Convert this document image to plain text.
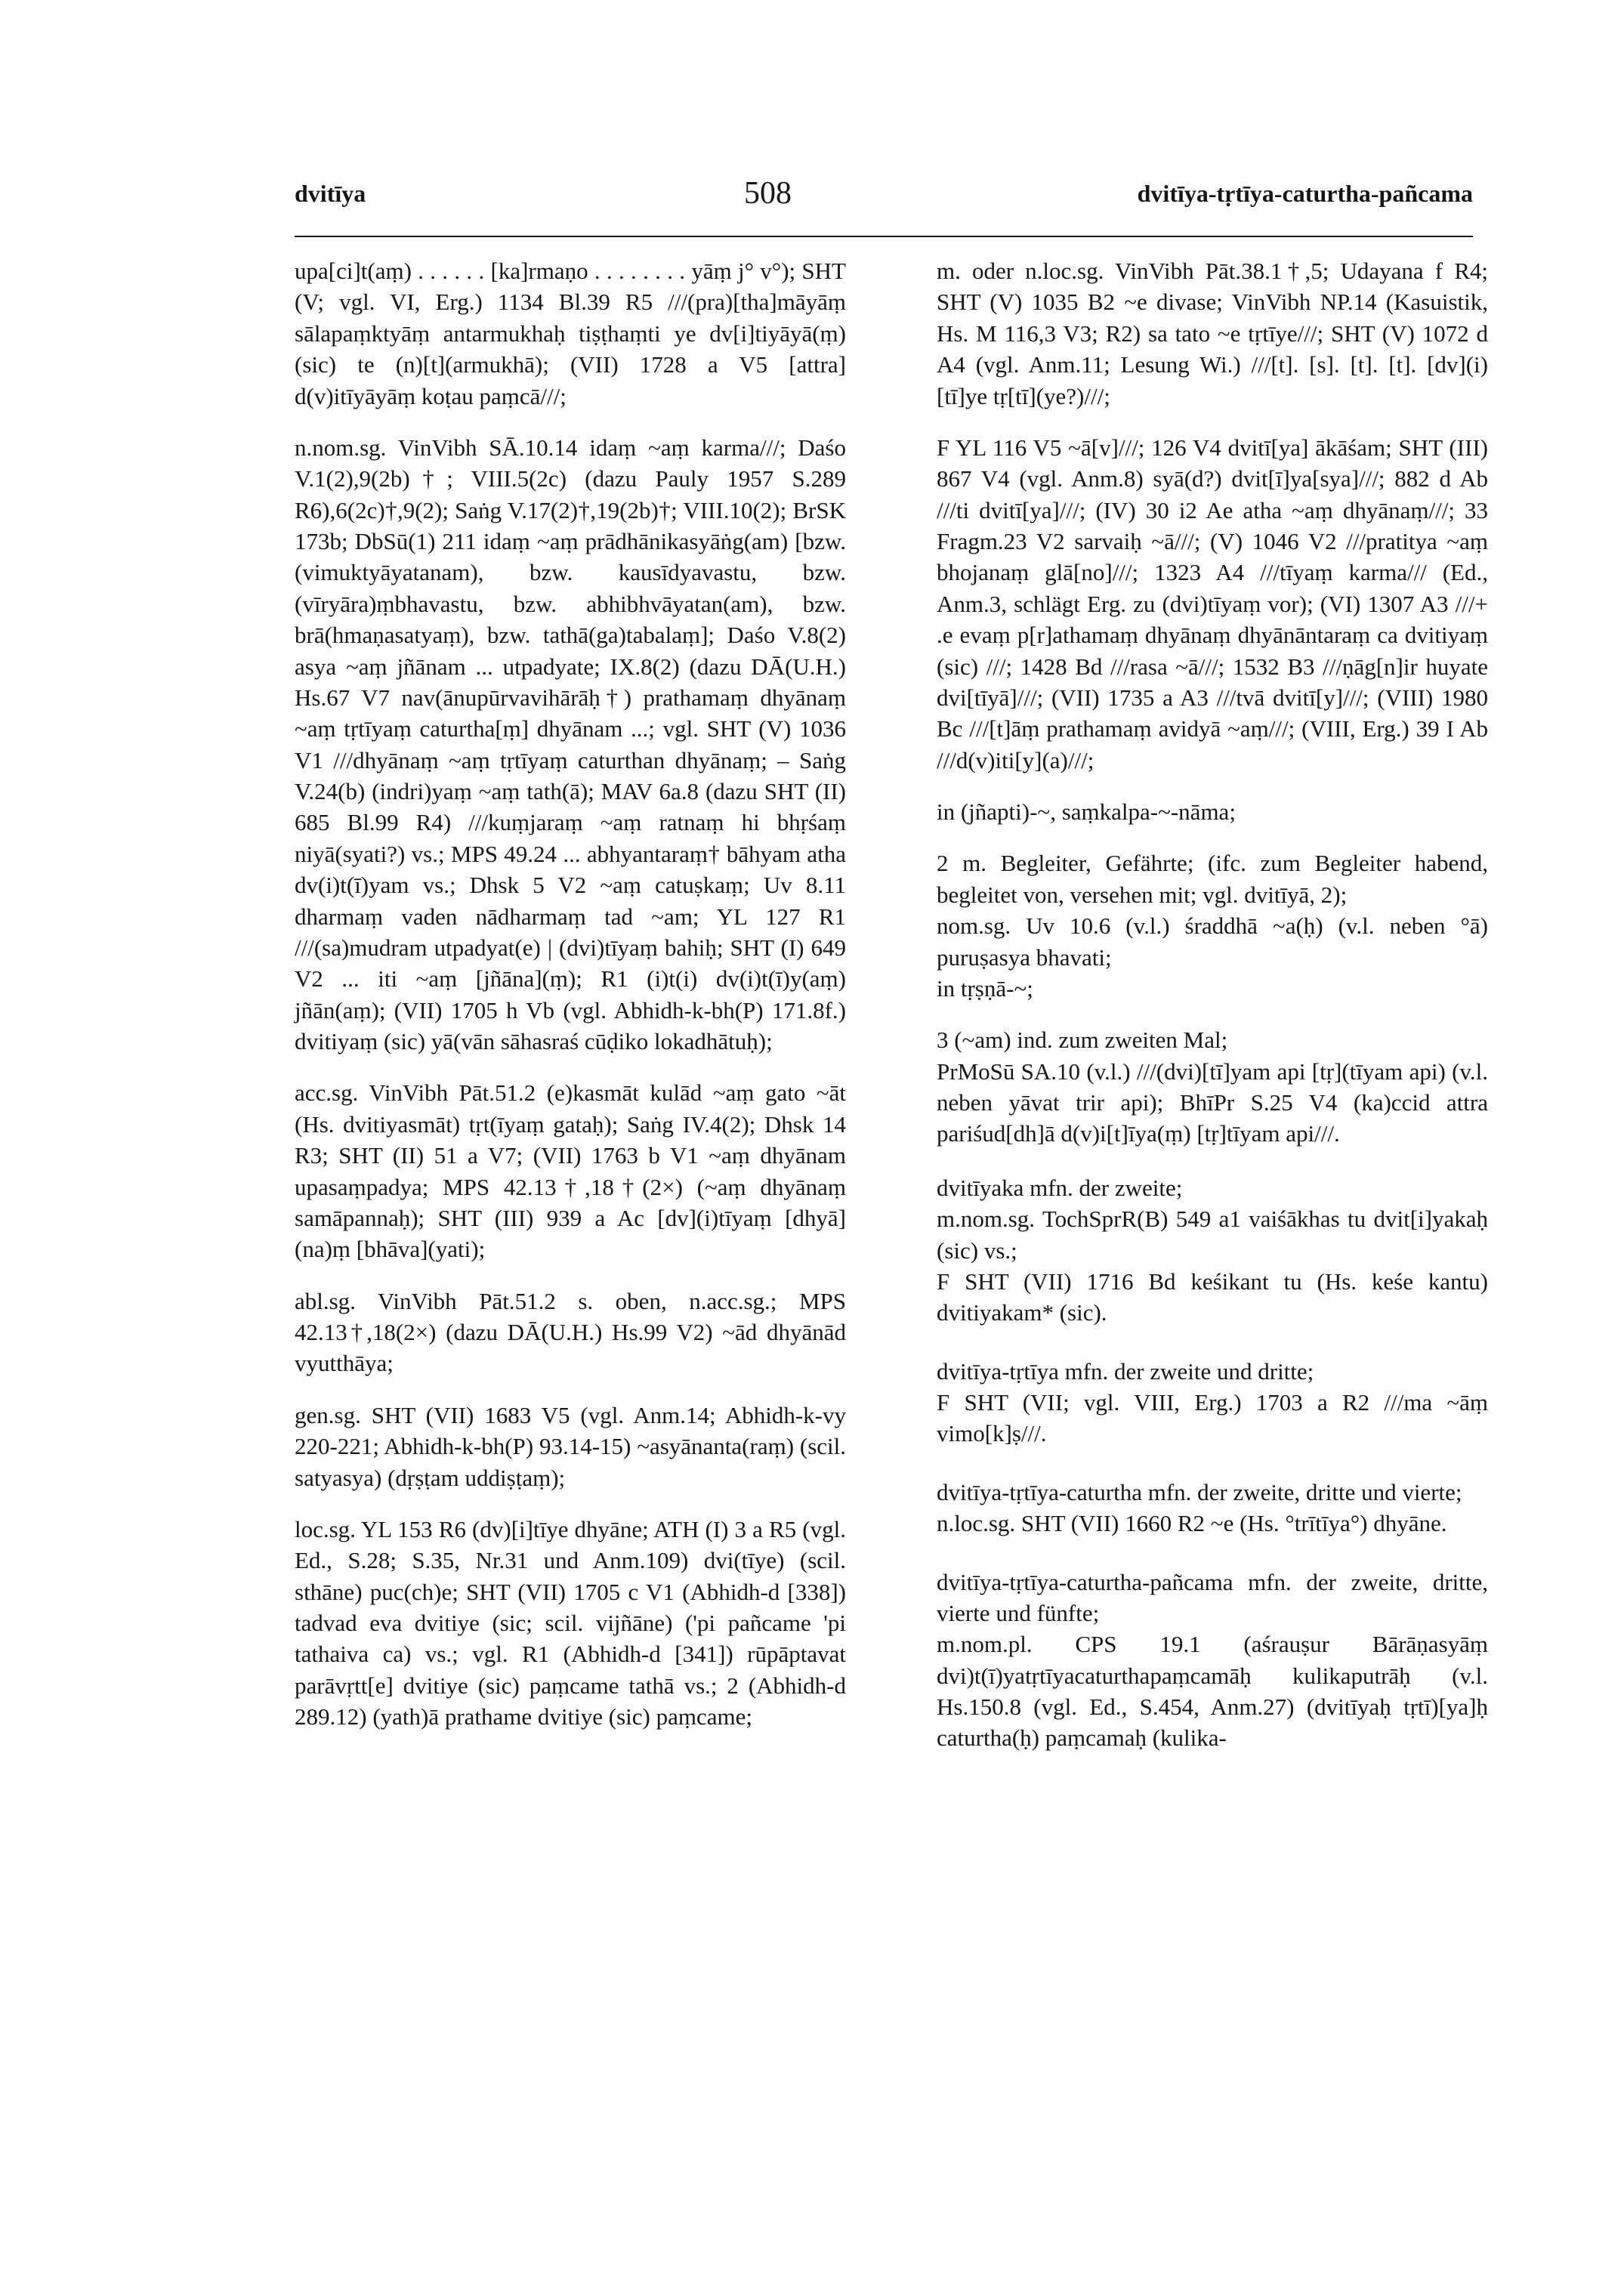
dvitīya	508	dvitīya-tṛtīya-caturtha-pañcama

upa[ci]t(aṃ) . . . . . . [ka]rmaṇo . . . . . . . . yāṃ j° v°); SHT (V; vgl. VI, Erg.) 1134 Bl.39 R5 ///(pra)[tha]māyāṃ sālapaṃktyāṃ antarmukhaḥ tiṣṭhaṃti ye dv[i]tiyāyā(ṃ) (sic) te (n)[t](armukhā); (VII) 1728 a V5 [attra] d(v)itīyāyāṃ koṭau paṃcā///;

n.nom.sg. VinVibh SĀ.10.14 idaṃ ~aṃ karma///; Daśo V.1(2),9(2b)†; VIII.5(2c) (dazu Pauly 1957 S.289 R6),6(2c)†,9(2); Saṅg V.17(2)†,19(2b)†; VIII.10(2); BrSK 173b; DbSū(1) 211 idaṃ ~aṃ prādhānikasyāṅg(am) [bzw. (vimuktyāyatanam), bzw. kausīdyavastu, bzw. (vīryāra)ṃbhavastu, bzw. abhibhvāyatan(am), bzw. brā(hmaṇasatyaṃ), bzw. tathā(ga)tabalaṃ]; Daśo V.8(2) asya ~aṃ jñānam ... utpadyate; IX.8(2) (dazu DĀ(U.H.) Hs.67 V7 nav(ānupūrvavihārāḥ†) prathamaṃ dhyānaṃ ~aṃ tṛtīyaṃ caturtha[ṃ] dhyānam ...; vgl. SHT (V) 1036 V1 ///dhyānaṃ ~aṃ tṛtīyaṃ caturthan dhyānaṃ; – Saṅg V.24(b) (indri)yaṃ ~aṃ tath(ā); MAV 6a.8 (dazu SHT (II) 685 Bl.99 R4) ///kuṃjaraṃ ~aṃ ratnaṃ hi bhṛśaṃ niyā(syati?) vs.; MPS 49.24 ... abhyantaraṃ† bāhyam atha dv(i)t(ī)yam vs.; Dhsk 5 V2 ~aṃ catuṣkaṃ; Uv 8.11 dharmaṃ vaden nādharmaṃ tad ~am; YL 127 R1 ///(sa)mudram utpadyat(e) | (dvi)tīyaṃ bahiḥ; SHT (I) 649 V2 ... iti ~aṃ [jñāna](ṃ); R1 (i)t(i) dv(i)t(ī)y(aṃ) jñān(aṃ); (VII) 1705 h Vb (vgl. Abhidh-k-bh(P) 171.8f.) dvitiyaṃ (sic) yā(vān sāhasraś cūḍiko lokadhātuḥ);

acc.sg. VinVibh Pāt.51.2 (e)kasmāt kulād ~aṃ gato ~āt (Hs. dvitiyasmāt) tṛt(īyaṃ gataḥ); Saṅg IV.4(2); Dhsk 14 R3; SHT (II) 51 a V7; (VII) 1763 b V1 ~aṃ dhyānam upasaṃpadya; MPS 42.13†,18†(2×) (~aṃ dhyānaṃ samāpannaḥ); SHT (III) 939 a Ac [dv](i)tīyaṃ [dhyā](na)ṃ [bhāva](yati);

abl.sg. VinVibh Pāt.51.2 s. oben, n.acc.sg.; MPS 42.13†,18(2×) (dazu DĀ(U.H.) Hs.99 V2) ~ād dhyānād vyutthāya;

gen.sg. SHT (VII) 1683 V5 (vgl. Anm.14; Abhidh-k-vy 220-221; Abhidh-k-bh(P) 93.14-15) ~asyānanta(raṃ) (scil. satyasya) (dṛṣṭam uddiṣṭaṃ);

loc.sg. YL 153 R6 (dv)[i]tīye dhyāne; ATH (I) 3 a R5 (vgl. Ed., S.28; S.35, Nr.31 und Anm.109) dvi(tīye) (scil. sthāne) puc(ch)e; SHT (VII) 1705 c V1 (Abhidh-d [338]) tadvad eva dvitiye (sic; scil. vijñāne) ('pi pañcame 'pi tathaiva ca) vs.; vgl. R1 (Abhidh-d [341]) rūpāptavat parāvṛtt[e] dvitiye (sic) paṃcame tathā vs.; 2 (Abhidh-d 289.12) (yath)ā prathame dvitiye (sic) paṃcame;

m. oder n.loc.sg. VinVibh Pāt.38.1†,5; Udayana f R4; SHT (V) 1035 B2 ~e divase; VinVibh NP.14 (Kasuistik, Hs. M 116,3 V3; R2) sa tato ~e tṛtīye///; SHT (V) 1072 d A4 (vgl. Anm.11; Lesung Wi.) ///[t]. [s]. [t]. [t]. [dv](i)[tī]ye tṛ[tī](ye?)///;

F YL 116 V5 ~ā[v]///; 126 V4 dvitī[ya] ākāśam; SHT (III) 867 V4 (vgl. Anm.8) syā(d?) dvit[ī]ya[sya]///; 882 d Ab ///ti dvitī[ya]///; (IV) 30 i2 Ae atha ~aṃ dhyānaṃ///; 33 Fragm.23 V2 sarvaiḥ ~ā///; (V) 1046 V2 ///pratitya ~aṃ bhojanaṃ glā[no]///; 1323 A4 ///tīyaṃ karma/// (Ed., Anm.3, schlägt Erg. zu (dvi)tīyaṃ vor); (VI) 1307 A3 ///+ .e evaṃ p[r]athamaṃ dhyānaṃ dhyānāntaraṃ ca dvitiyaṃ (sic) ///; 1428 Bd ///rasa ~ā///; 1532 B3 ///ṇāg[n]ir huyate dvi[tīyā]///; (VII) 1735 a A3 ///tvā dvitī[y]///; (VIII) 1980 Bc ///[t]āṃ prathamaṃ avidyā ~aṃ///; (VIII, Erg.) 39 I Ab ///d(v)iti[y](a)///;

in (jñapti)-~, saṃkalpa-~-nāma;

2 m. Begleiter, Gefährte; (ifc. zum Begleiter habend, begleitet von, versehen mit; vgl. dvitīyā, 2);

nom.sg. Uv 10.6 (v.l.) śraddhā ~a(ḥ) (v.l. neben °ā) puruṣasya bhavati;

in tṛṣṇā-~;

3 (~am) ind. zum zweiten Mal;

PrMoSū SA.10 (v.l.) ///(dvi)[tī]yam api [tṛ](tīyam api) (v.l. neben yāvat trir api); BhīPr S.25 V4 (ka)ccid attra pariśud[dh]ā d(v)i[t]īya(ṃ) [tṛ]tīyam api///.

dvitīyaka mfn. der zweite;

m.nom.sg. TochSprR(B) 549 a1 vaiśākhas tu dvit[i]yakaḥ (sic) vs.;

F SHT (VII) 1716 Bd keśikant tu (Hs. keśe kantu) dvitiyakam* (sic).

dvitīya-tṛtīya mfn. der zweite und dritte;

F SHT (VII; vgl. VIII, Erg.) 1703 a R2 ///ma ~āṃ vimo[k]ṣ///.

dvitīya-tṛtīya-caturtha mfn. der zweite, dritte und vierte;

n.loc.sg. SHT (VII) 1660 R2 ~e (Hs. °trītīya°) dhyāne.

dvitīya-tṛtīya-caturtha-pañcama mfn. der zweite, dritte, vierte und fünfte;

m.nom.pl. CPS 19.1 (aśrauṣur Bārāṇasyāṃ dvi)t(ī)yatṛtīyacaturthapaṃcamāḥ kulikaputrāḥ (v.l. Hs.150.8 (vgl. Ed., S.454, Anm.27) (dvitīyaḥ tṛtī)[ya]ḥ caturtha(ḥ) paṃcamaḥ (kulika-
